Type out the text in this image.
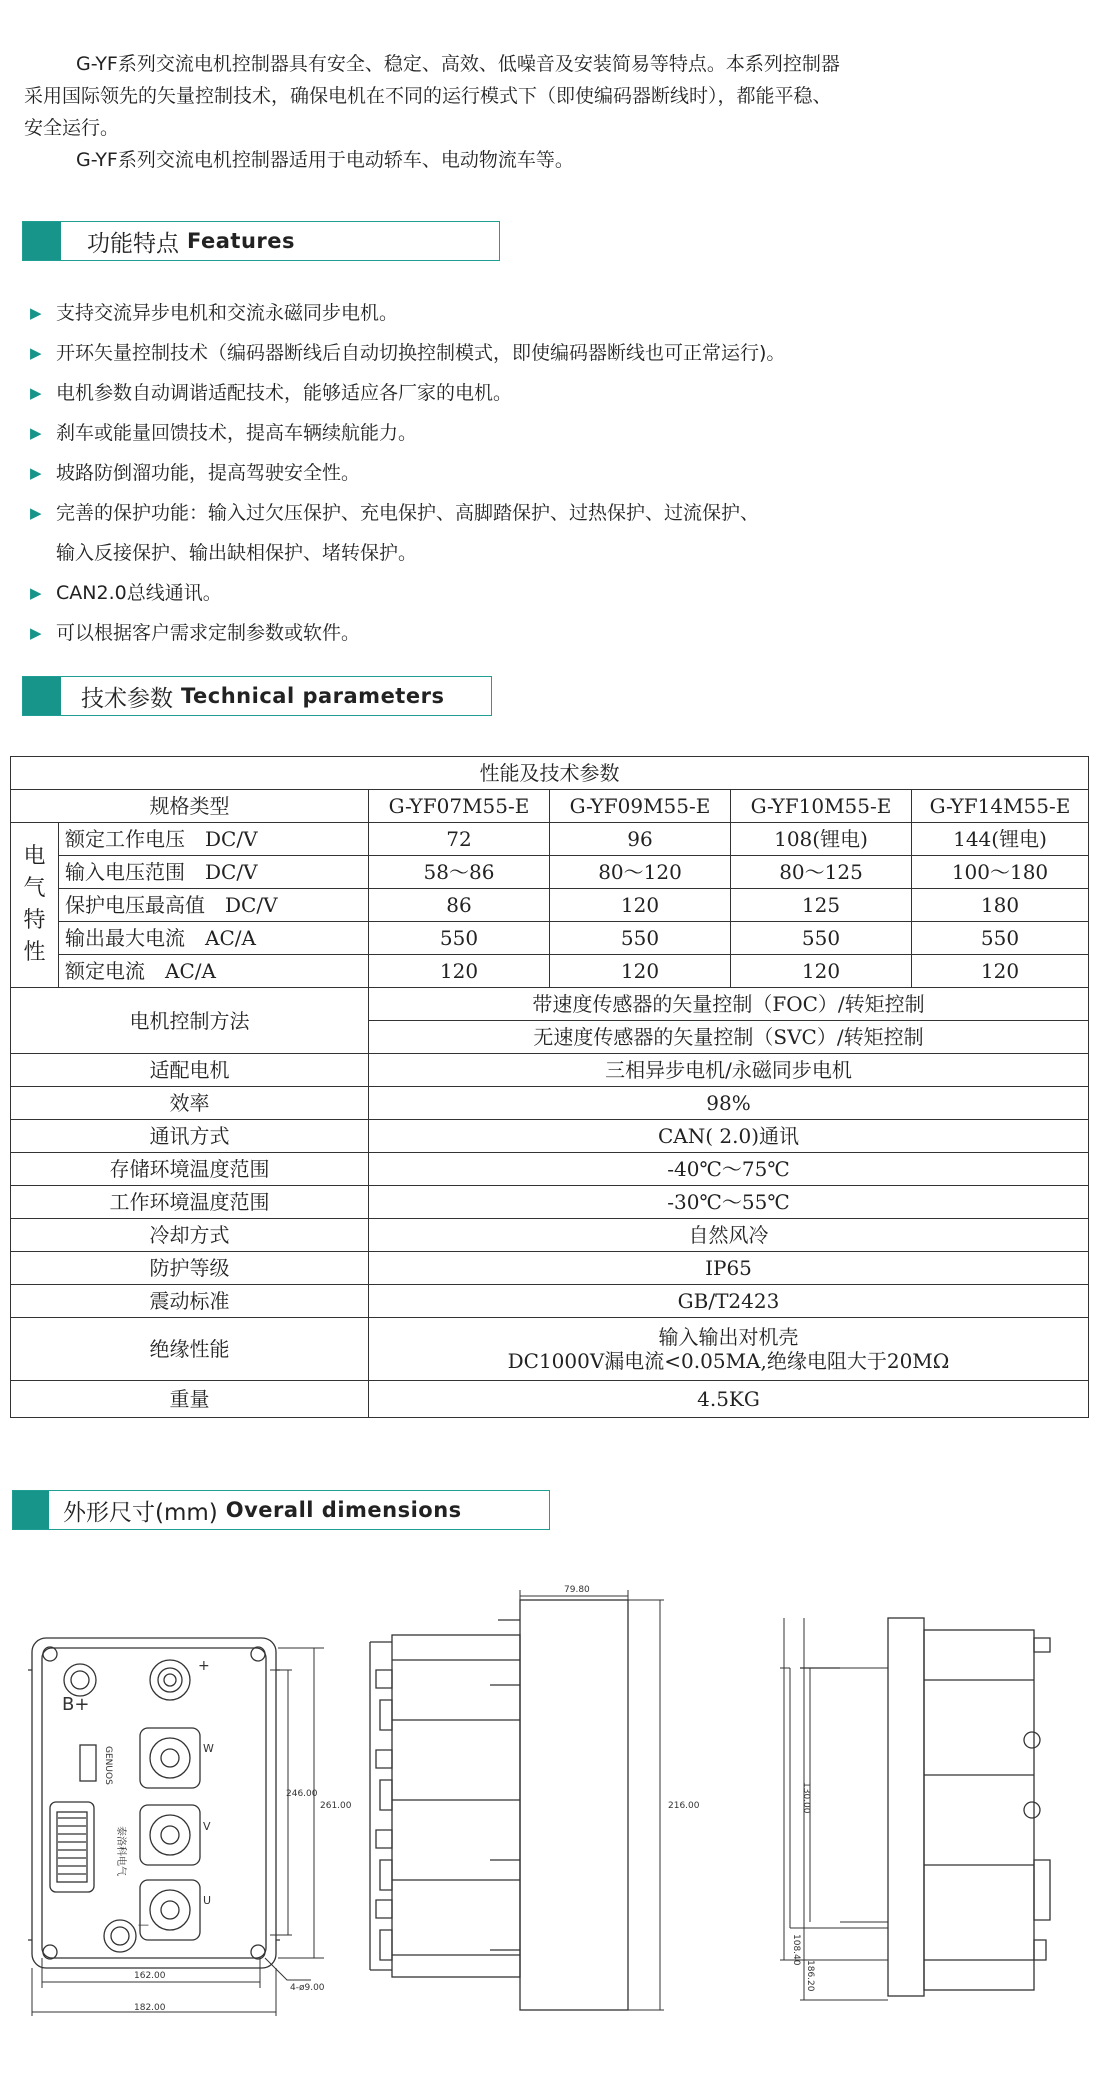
G-YF系列交流电机控制器具有安全、稳定、高效、低噪音及安装简易等特点。本系列控制器

采用国际领先的矢量控制技术，确保电机在不同的运行模式下（即使编码器断线时），都能平稳、

安全运行。

G-YF系列交流电机控制器适用于电动轿车、电动物流车等。

功能特点 Features
▶ 支持交流异步电机和交流永磁同步电机。
▶ 开环矢量控制技术（编码器断线后自动切换控制模式，即使编码器断线也可正常运行)。
▶ 电机参数自动调谐适配技术，能够适应各厂家的电机。
▶ 刹车或能量回馈技术，提高车辆续航能力。
▶ 坡路防倒溜功能，提高驾驶安全性。
▶ 完善的保护功能：输入过欠压保护、充电保护、高脚踏保护、过热保护、过流保护、
输入反接保护、输出缺相保护、堵转保护。
▶ CAN2.0总线通讯。
▶ 可以根据客户需求定制参数或软件。
技术参数 Technical parameters
性能及技术参数					
规格类型		G-YF07M55-E	G-YF09M55-E	G-YF10M55-E	G-YF14M55-E

电
气
特
性	额定工作电压　DC/V	72	96	108(锂电)	144(锂电)
	输入电压范围　DC/V	58～86	80～120	80～125	100～180
	保护电压最高值　DC/V	86	120	125	180
	输出最大电流　AC/A	550	550	550	550
	额定电流　AC/A	120	120	120	120
电机控制方法		带速度传感器的矢量控制（FOC）/转矩控制			
		无速度传感器的矢量控制（SVC）/转矩控制			
适配电机		三相异步电机/永磁同步电机			
效率		98%			
通讯方式		CAN( 2.0)通讯			
存储环境温度范围		-40℃～75℃			
工作环境温度范围		-30℃～55℃			
冷却方式		自然风冷			
防护等级		IP65			
震动标准		GB/T2423			
绝缘性能		输入输出对机壳
DC1000V漏电流<0.05MA,绝缘电阻大于20MΩ			

重量		4.5KG			
外形尺寸(mm) Overall dimensions
B+
+
W
V
U
—
GENUOS
泰洛科电气
246.00
261.00
162.00
182.00
4-ø9.00
79.80
216.00	130.00
108.40
186.20
